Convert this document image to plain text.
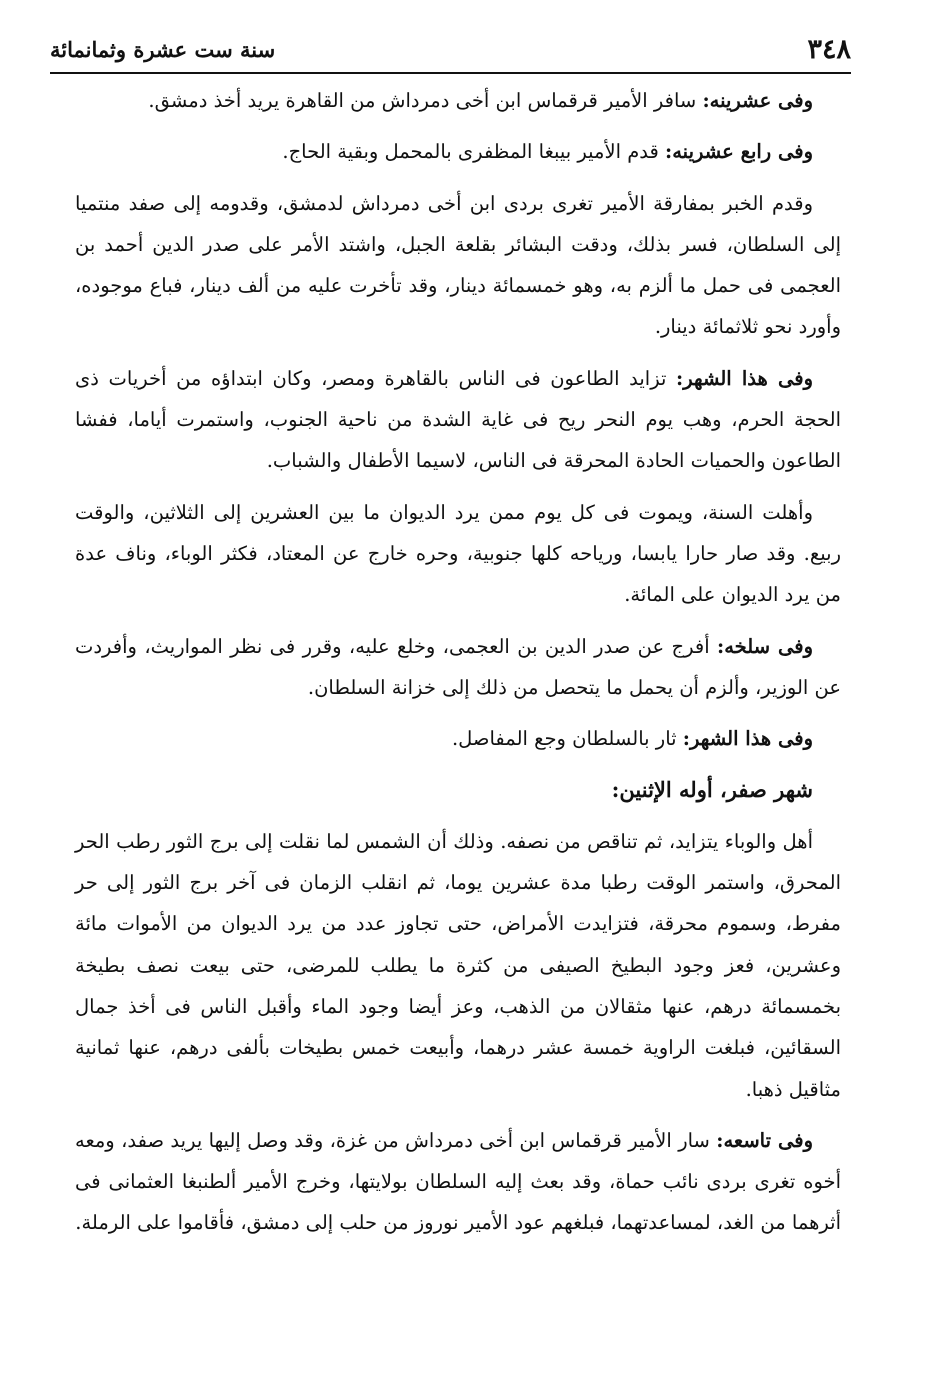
٣٤٨
سنة ست عشرة وثمانمائة

وفى عشرينه: سافر الأمير قرقماس ابن أخى دمرداش من القاهرة يريد أخذ دمشق.

وفى رابع عشرينه: قدم الأمير بيبغا المظفرى بالمحمل وبقية الحاج.

وقدم الخبر بمفارقة الأمير تغرى بردى ابن أخى دمرداش لدمشق، وقدومه إلى صفد منتميا إلى السلطان، فسر بذلك، ودقت البشائر بقلعة الجبل، واشتد الأمر على صدر الدين أحمد بن العجمى فى حمل ما ألزم به، وهو خمسمائة دينار، وقد تأخرت عليه من ألف دينار، فباع موجوده، وأورد نحو ثلاثمائة دينار.

وفى هذا الشهر: تزايد الطاعون فى الناس بالقاهرة ومصر، وكان ابتداؤه من أخريات ذى الحجة الحرم، وهب يوم النحر ريح فى غاية الشدة من ناحية الجنوب، واستمرت أياما، ففشا الطاعون والحميات الحادة المحرقة فى الناس، لاسيما الأطفال والشباب.

وأهلت السنة، ويموت فى كل يوم ممن يرد الديوان ما بين العشرين إلى الثلاثين، والوقت ربيع. وقد صار حارا يابسا، ورياحه كلها جنوبية، وحره خارج عن المعتاد، فكثر الوباء، وناف عدة من يرد الديوان على المائة.

وفى سلخه: أفرج عن صدر الدين بن العجمى، وخلع عليه، وقرر فى نظر المواريث، وأفردت عن الوزير، وألزم أن يحمل ما يتحصل من ذلك إلى خزانة السلطان.

وفى هذا الشهر: ثار بالسلطان وجع المفاصل.

شهر صفر، أوله الإثنين:

أهل والوباء يتزايد، ثم تناقص من نصفه. وذلك أن الشمس لما نقلت إلى برج الثور رطب الحر المحرق، واستمر الوقت رطبا مدة عشرين يوما، ثم انقلب الزمان فى آخر برج الثور إلى حر مفرط، وسموم محرقة، فتزايدت الأمراض، حتى تجاوز عدد من يرد الديوان من الأموات مائة وعشرين، فعز وجود البطيخ الصيفى من كثرة ما يطلب للمرضى، حتى بيعت نصف بطيخة بخمسمائة درهم، عنها مثقالان من الذهب، وعز أيضا وجود الماء وأقبل الناس فى أخذ جمال السقائين، فبلغت الراوية خمسة عشر درهما، وأبيعت خمس بطيخات بألفى درهم، عنها ثمانية مثاقيل ذهبا.

وفى تاسعه: سار الأمير قرقماس ابن أخى دمرداش من غزة، وقد وصل إليها يريد صفد، ومعه أخوه تغرى بردى نائب حماة، وقد بعث إليه السلطان بولايتها، وخرج الأمير ألطنبغا العثمانى فى أثرهما من الغد، لمساعدتهما، فبلغهم عود الأمير نوروز من حلب إلى دمشق، فأقاموا على الرملة.
